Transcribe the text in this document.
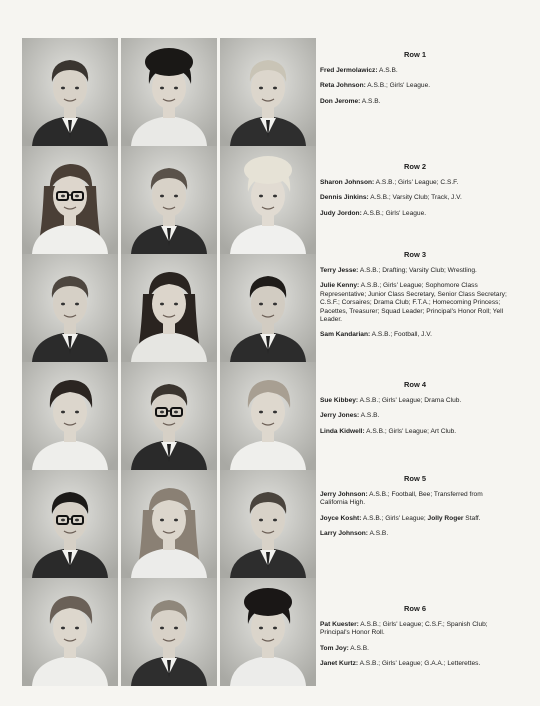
Row 1
Fred Jermolawicz: A.S.B.
Reta Johnson: A.S.B.; Girls' League.
Don Jerome: A.S.B.
Row 2
Sharon Johnson: A.S.B.; Girls' League; C.S.F.
Dennis Jinkins: A.S.B.; Varsity Club; Track, J.V.
Judy Jordon: A.S.B.; Girls' League.
Row 3
Terry Jesse: A.S.B.; Drafting; Varsity Club; Wrestling.
Julie Kenny: A.S.B.; Girls' League; Sophomore Class Representative; Junior Class Secretary, Senior Class Secretary; C.S.F.; Corsaires; Drama Club; F.T.A.; Homecoming Princess; Pacettes, Treasurer; Squad Leader; Principal's Honor Roll; Yell Leader.
Sam Kandarian: A.S.B.; Football, J.V.
Row 4
Sue Kibbey: A.S.B.; Girls' League; Drama Club.
Jerry Jones: A.S.B.
Linda Kidwell: A.S.B.; Girls' League; Art Club.
Row 5
Jerry Johnson: A.S.B.; Football, Bee; Transferred from California High.
Joyce Kosht: A.S.B.; Girls' League; Jolly Roger Staff.
Larry Johnson: A.S.B.
Row 6
Pat Kuester: A.S.B.; Girls' League; C.S.F.; Spanish Club; Principal's Honor Roll.
Tom Joy: A.S.B.
Janet Kurtz: A.S.B.; Girls' League; G.A.A.; Letterettes.
